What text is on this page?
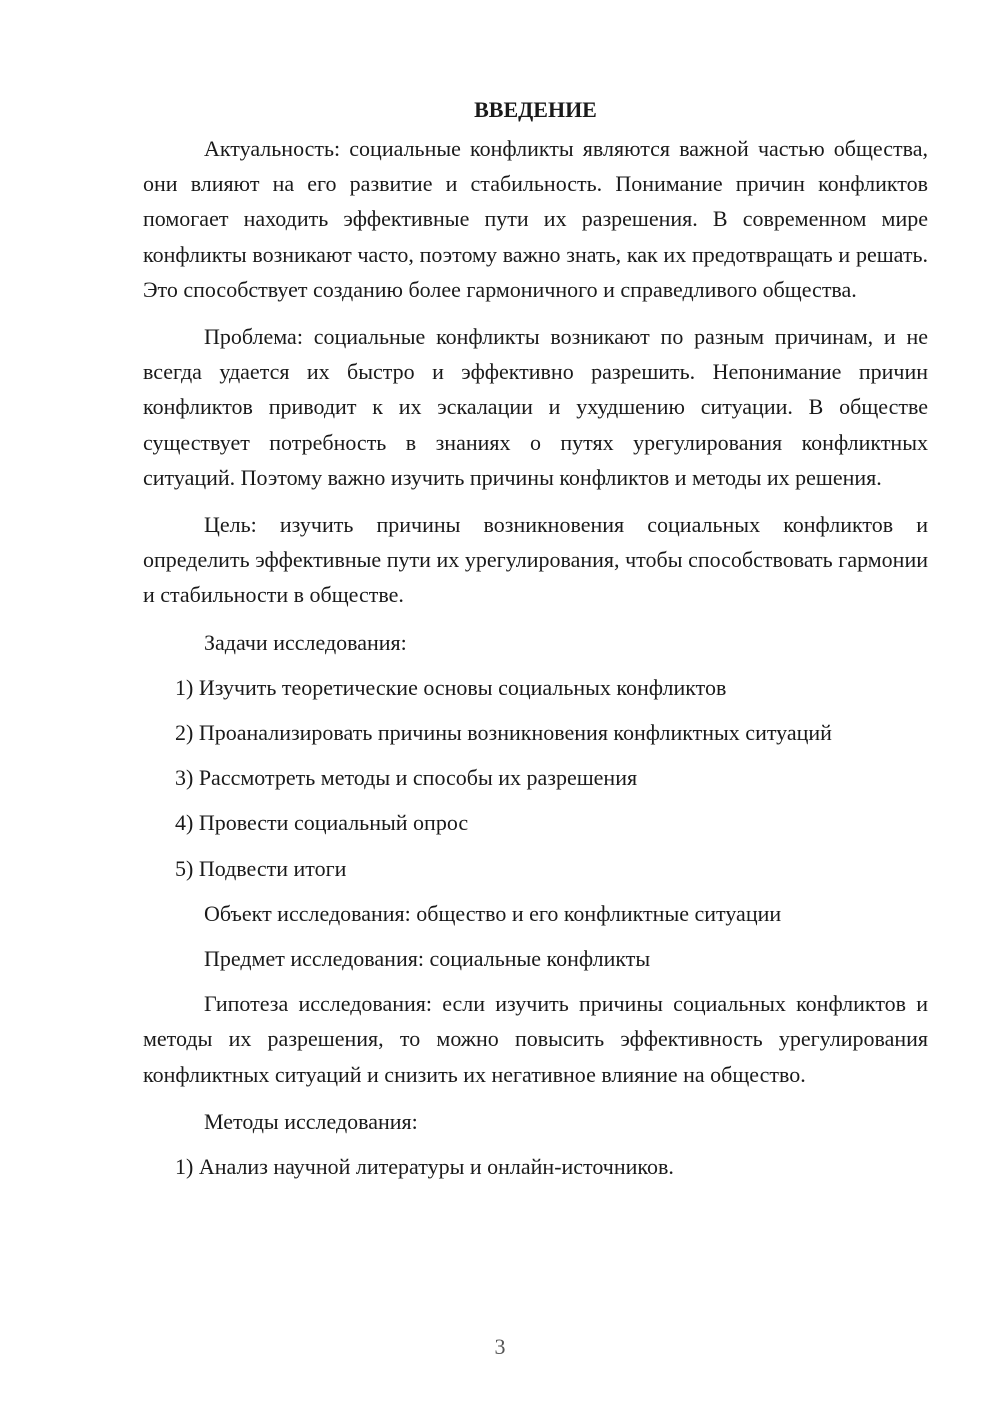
ВВЕДЕНИЕ

Актуальность: социальные конфликты являются важной частью общества, они влияют на его развитие и стабильность. Понимание причин конфликтов помогает находить эффективные пути их разрешения. В современном мире конфликты возникают часто, поэтому важно знать, как их предотвращать и решать. Это способствует созданию более гармоничного и справедливого общества.

Проблема: социальные конфликты возникают по разным причинам, и не всегда удается их быстро и эффективно разрешить. Непонимание причин конфликтов приводит к их эскалации и ухудшению ситуации. В обществе существует потребность в знаниях о путях урегулирования конфликтных ситуаций. Поэтому важно изучить причины конфликтов и методы их решения.

Цель: изучить причины возникновения социальных конфликтов и определить эффективные пути их урегулирования, чтобы способствовать гармонии и стабильности в обществе.

Задачи исследования:
1) Изучить теоретические основы социальных конфликтов
2) Проанализировать причины возникновения конфликтных ситуаций
3) Рассмотреть методы и способы их разрешения
4) Провести социальный опрос
5) Подвести итоги
Объект исследования: общество и его конфликтные ситуации
Предмет исследования: социальные конфликты

Гипотеза исследования: если изучить причины социальных конфликтов и методы их разрешения, то можно повысить эффективность урегулирования конфликтных ситуаций и снизить их негативное влияние на общество.

Методы исследования:
1) Анализ научной литературы и онлайн-источников.
3
